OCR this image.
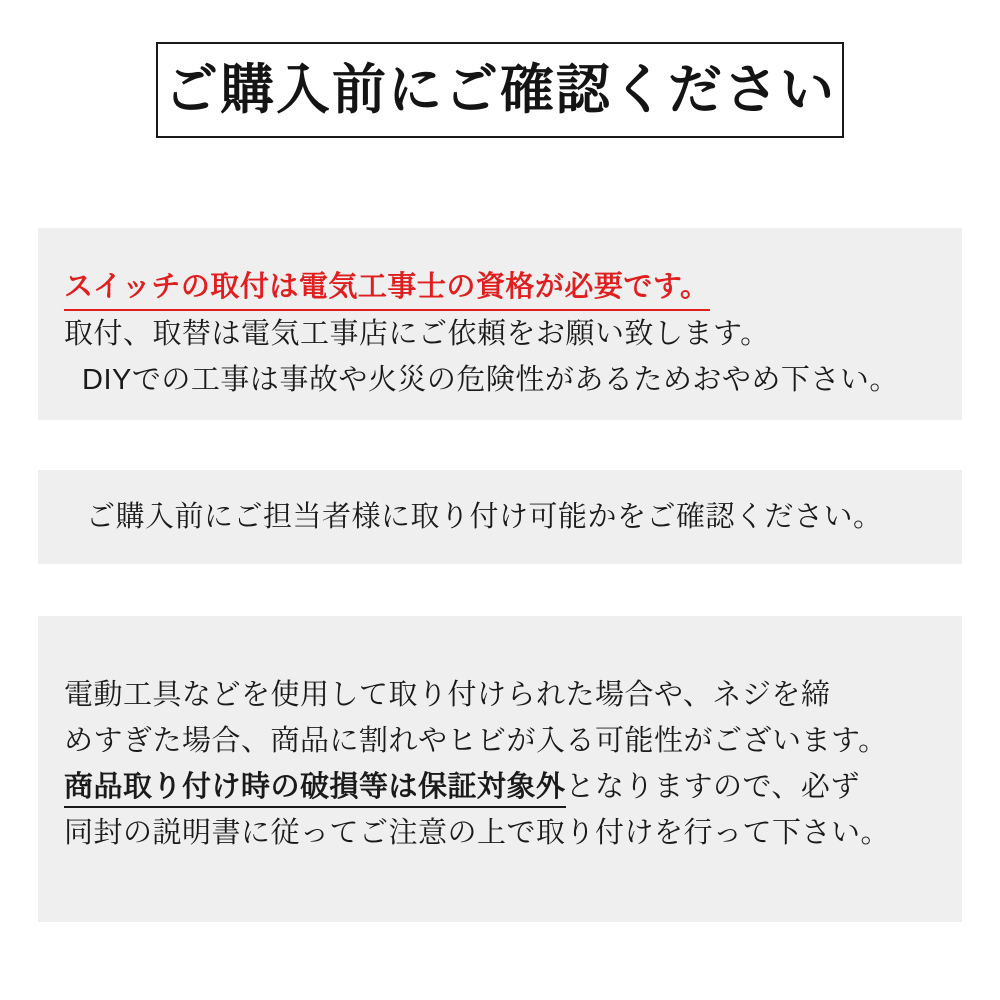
ご購入前にご確認ください
スイッチの取付は電気工事士の資格が必要です。
取付、取替は電気工事店にご依頼をお願い致します。
DIYでの工事は事故や火災の危険性があるためおやめ下さい。
ご購入前にご担当者様に取り付け可能かをご確認ください。
電動工具などを使用して取り付けられた場合や、ネジを締
めすぎた場合、商品に割れやヒビが入る可能性がございます。
商品取り付け時の破損等は保証対象外となりますので、必ず
同封の説明書に従ってご注意の上で取り付けを行って下さい。
